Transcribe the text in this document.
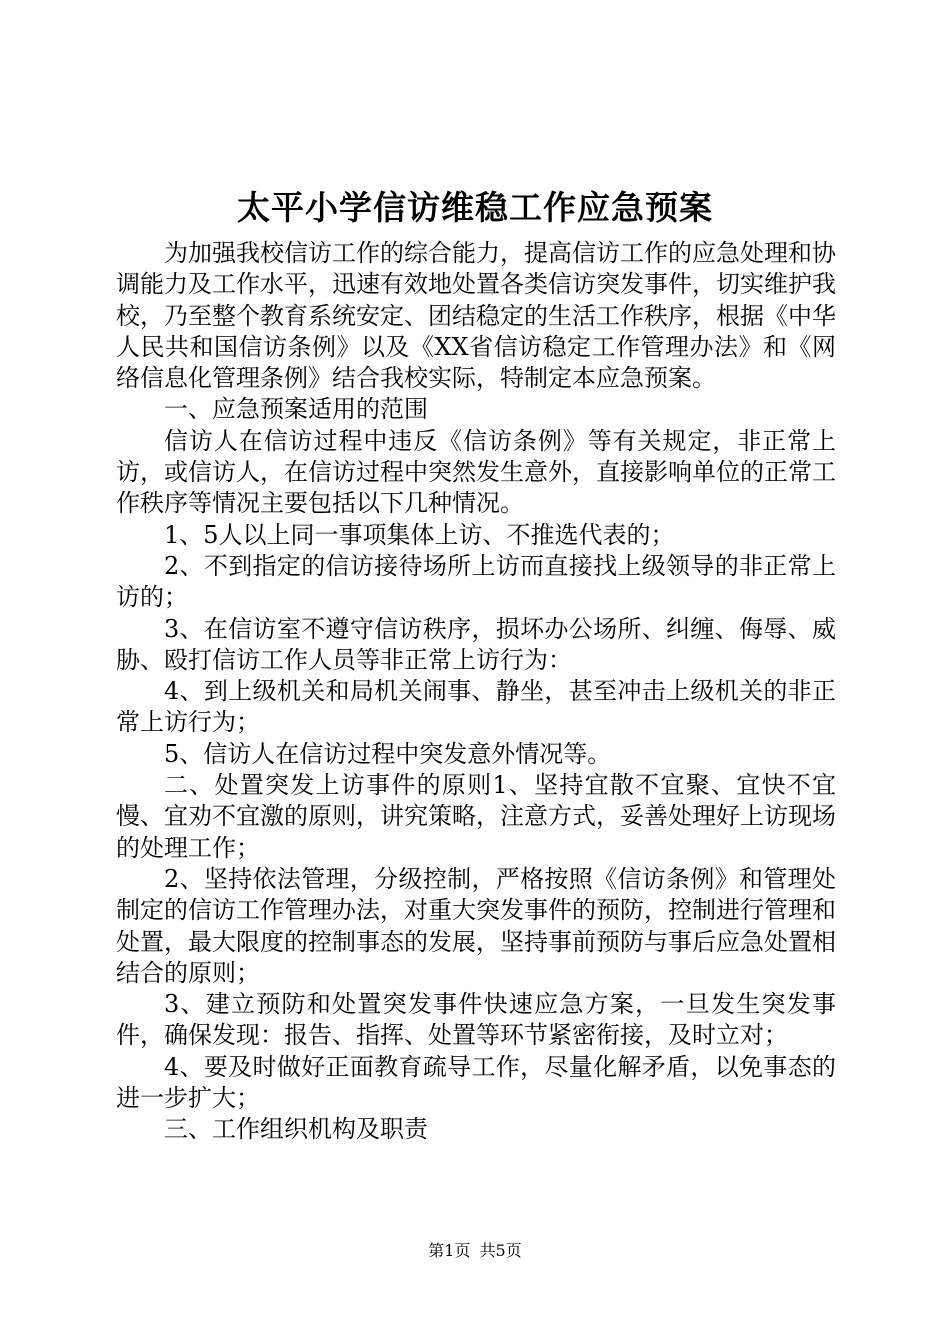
太平小学信访维稳工作应急预案

为加强我校信访工作的综合能力，提高信访工作的应急处理和协调能力及工作水平，迅速有效地处置各类信访突发事件，切实维护我校，乃至整个教育系统安定、团结稳定的生活工作秩序，根据《中华人民共和国信访条例》以及《XX省信访稳定工作管理办法》和《网络信息化管理条例》结合我校实际，特制定本应急预案。

一、应急预案适用的范围

信访人在信访过程中违反《信访条例》等有关规定，非正常上访，或信访人，在信访过程中突然发生意外，直接影响单位的正常工作秩序等情况主要包括以下几种情况。

1、5人以上同一事项集体上访、不推选代表的；

2、不到指定的信访接待场所上访而直接找上级领导的非正常上访的；

3、在信访室不遵守信访秩序，损坏办公场所、纠缠、侮辱、威胁、殴打信访工作人员等非正常上访行为：

4、到上级机关和局机关闹事、静坐，甚至冲击上级机关的非正常上访行为；

5、信访人在信访过程中突发意外情况等。

二、处置突发上访事件的原则1、坚持宜散不宜聚、宜快不宜慢、宜劝不宜激的原则，讲究策略，注意方式，妥善处理好上访现场的处理工作；

2、坚持依法管理，分级控制，严格按照《信访条例》和管理处制定的信访工作管理办法，对重大突发事件的预防，控制进行管理和处置，最大限度的控制事态的发展，坚持事前预防与事后应急处置相结合的原则；

3、建立预防和处置突发事件快速应急方案，一旦发生突发事件，确保发现：报告、指挥、处置等环节紧密衔接，及时立对；

4、要及时做好正面教育疏导工作，尽量化解矛盾，以免事态的进一步扩大；

三、工作组织机构及职责

第1页 共5页
